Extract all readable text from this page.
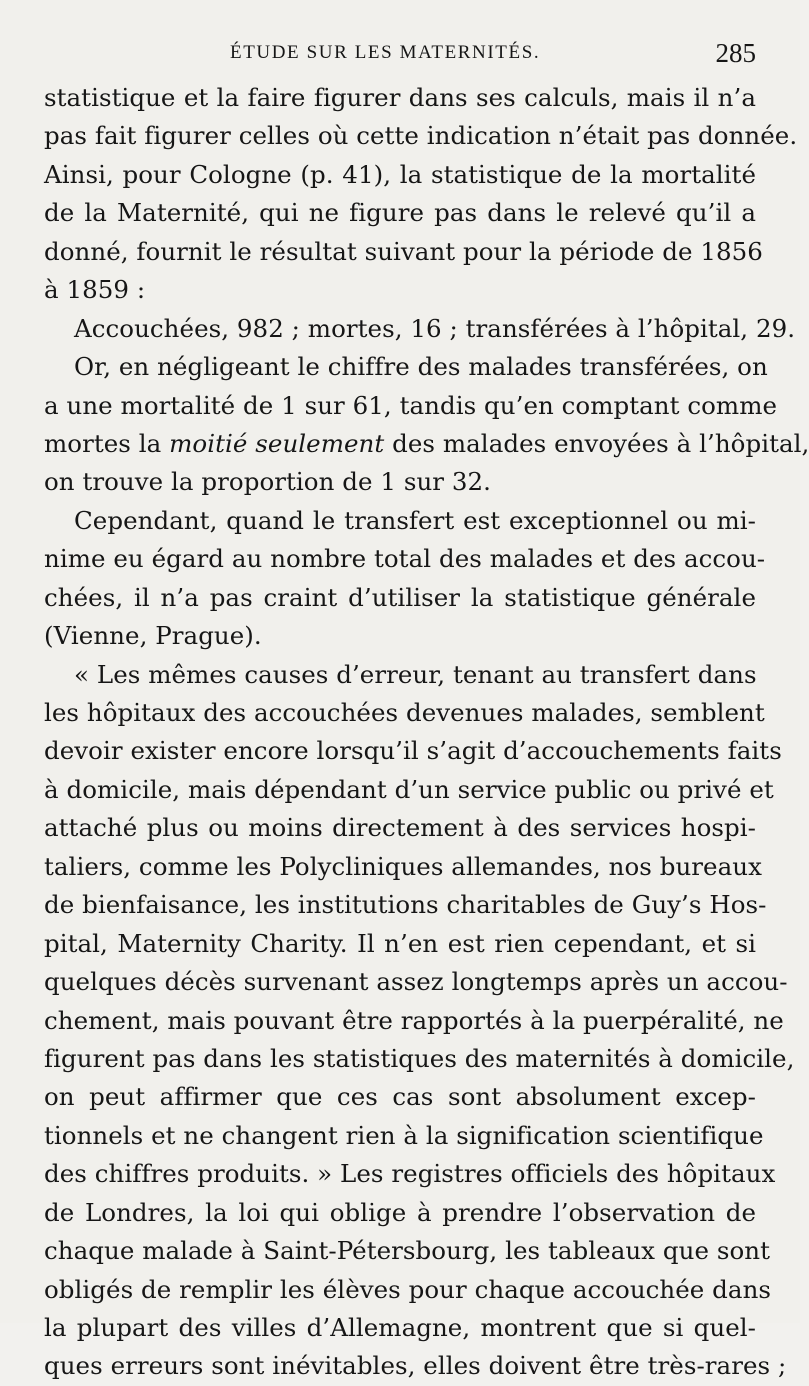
ÉTUDE SUR LES MATERNITÉS.	285
statistique et la faire figurer dans ses calculs, mais il n’a
pas fait figurer celles où cette indication n’était pas donnée.
Ainsi, pour Cologne (p. 41), la statistique de la mortalité
de la Maternité, qui ne figure pas dans le relevé qu’il a
donné, fournit le résultat suivant pour la période de 1856
à 1859 :
Accouchées, 982 ; mortes, 16 ; transférées à l’hôpital, 29.
Or, en négligeant le chiffre des malades transférées, on
a une mortalité de 1 sur 61, tandis qu’en comptant comme
mortes la moitié seulement des malades envoyées à l’hôpital,
on trouve la proportion de 1 sur 32.
Cependant, quand le transfert est exceptionnel ou mi-
nime eu égard au nombre total des malades et des accou-
chées, il n’a pas craint d’utiliser la statistique générale
(Vienne, Prague).
« Les mêmes causes d’erreur, tenant au transfert dans
les hôpitaux des accouchées devenues malades, semblent
devoir exister encore lorsqu’il s’agit d’accouchements faits
à domicile, mais dépendant d’un service public ou privé et
attaché plus ou moins directement à des services hospi-
taliers, comme les Polycliniques allemandes, nos bureaux
de bienfaisance, les institutions charitables de Guy’s Hos-
pital, Maternity Charity. Il n’en est rien cependant, et si
quelques décès survenant assez longtemps après un accou-
chement, mais pouvant être rapportés à la puerpéralité, ne
figurent pas dans les statistiques des maternités à domicile,
on peut affirmer que ces cas sont absolument excep-
tionnels et ne changent rien à la signification scientifique
des chiffres produits. » Les registres officiels des hôpitaux
de Londres, la loi qui oblige à prendre l’observation de
chaque malade à Saint-Pétersbourg, les tableaux que sont
obligés de remplir les élèves pour chaque accouchée dans
la plupart des villes d’Allemagne, montrent que si quel-
ques erreurs sont inévitables, elles doivent être très-rares ;
